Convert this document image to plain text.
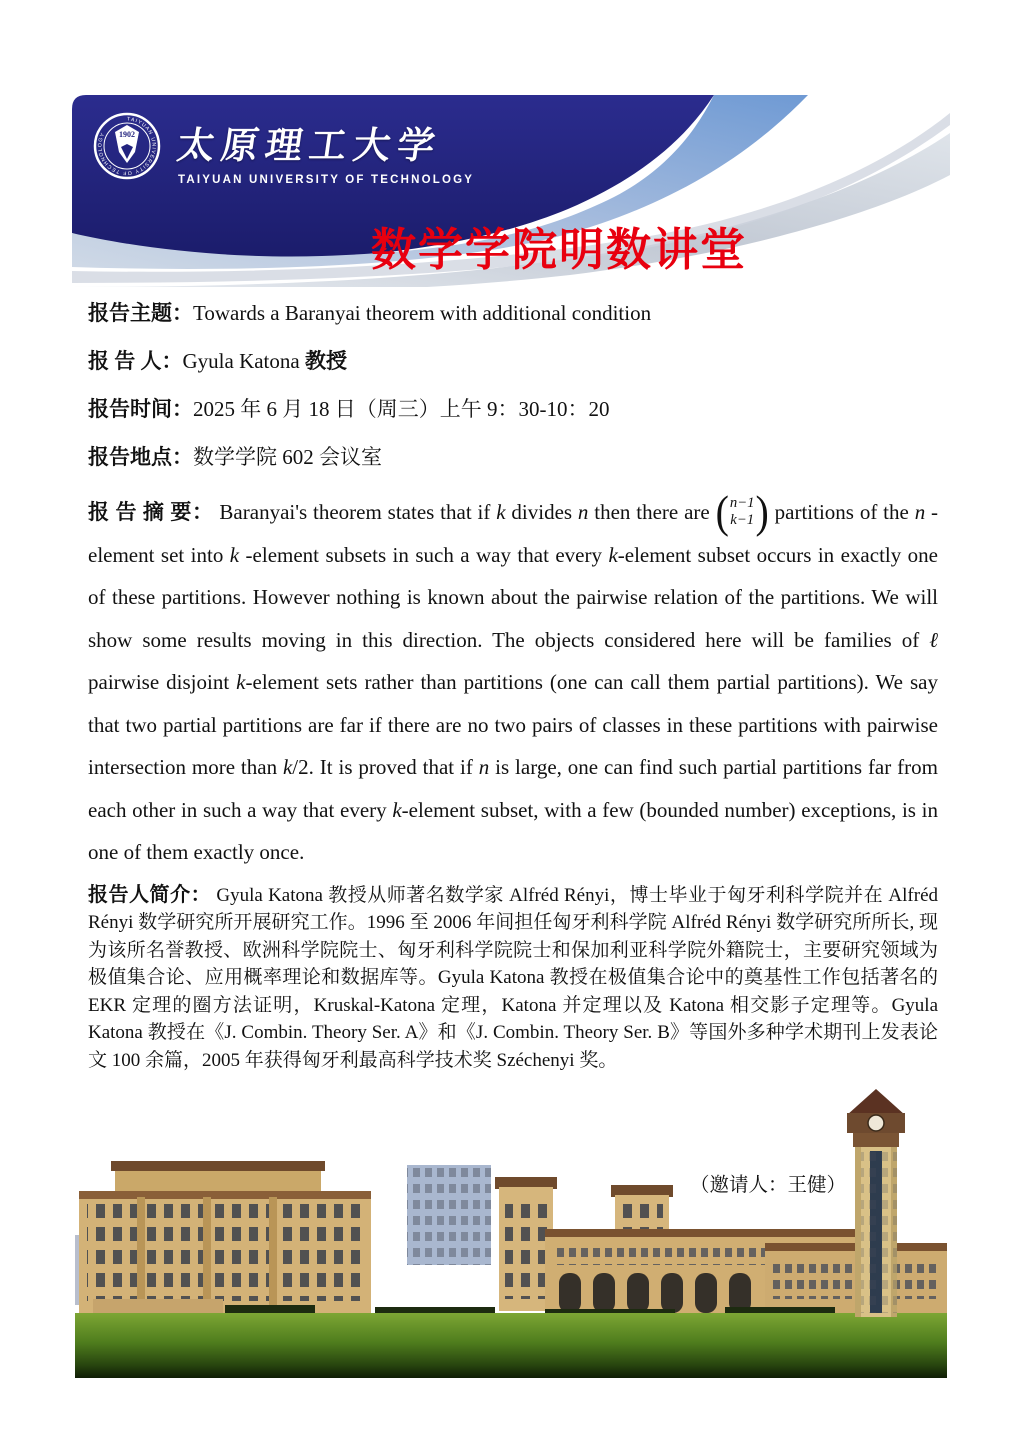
TAIYUAN UNIVERSITY OF TECHNOLOGY	1902 太原理工大学
TAIYUAN UNIVERSITY OF TECHNOLOGY
数学学院明数讲堂
报告主题：Towards a Baranyai theorem with additional condition
报 告 人：Gyula Katona 教授
报告时间：2025 年 6 月 18 日（周三）上午 9：30-10：20
报告地点：数学学院 602 会议室

报 告 摘 要： Baranyai's theorem states that if k divides n then there are ( n−1
k−1 ) partitions of the n -element set into k -element subsets in such a way that every k-element subset occurs in exactly one of these partitions. However nothing is known about the pairwise relation of the partitions. We will show some results moving in this direction. The objects considered here will be families of ℓ pairwise disjoint k-element sets rather than partitions (one can call them partial partitions). We say that two partial partitions are far if there are no two pairs of classes in these partitions with pairwise intersection more than k/2. It is proved that if n is large, one can find such partial partitions far from each other in such a way that every k-element subset, with a few (bounded number) exceptions, is in one of them exactly once.

报告人简介： Gyula Katona 教授从师著名数学家 Alfréd Rényi，博士毕业于匈牙利科学院并在 Alfréd Rényi 数学研究所开展研究工作。1996 至 2006 年间担任匈牙利科学院 Alfréd Rényi 数学研究所所长, 现为该所名誉教授、欧洲科学院院士、匈牙利科学院院士和保加利亚科学院外籍院士，主要研究领域为极值集合论、应用概率理论和数据库等。Gyula Katona 教授在极值集合论中的奠基性工作包括著名的 EKR 定理的圈方法证明，Kruskal-Katona 定理，Katona 并定理以及 Katona 相交影子定理等。Gyula Katona 教授在《J. Combin. Theory Ser. A》和《J. Combin. Theory Ser. B》等国外多种学术期刊上发表论文 100 余篇，2005 年获得匈牙利最高科学技术奖 Széchenyi 奖。

（邀请人：王健）
